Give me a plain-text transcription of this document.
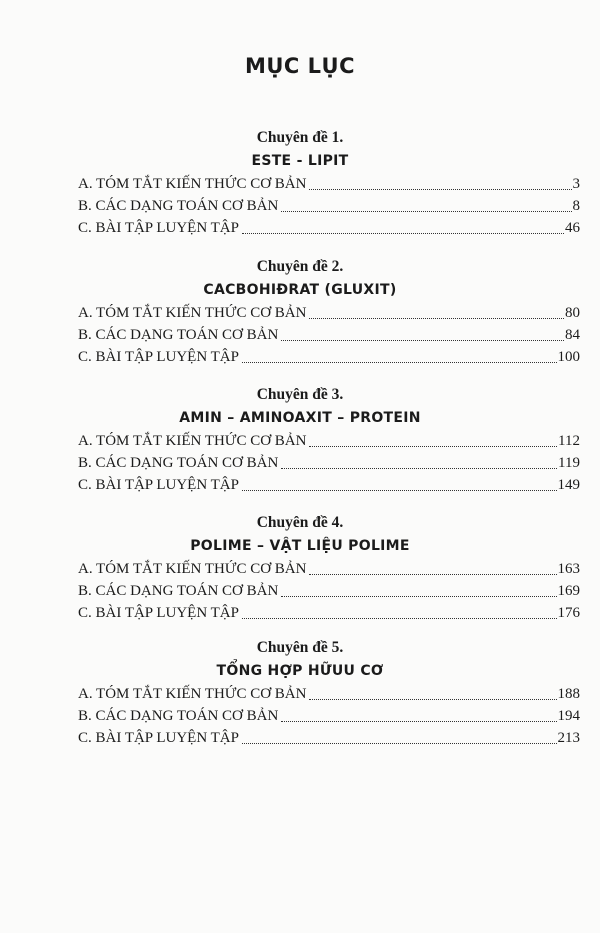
MỤC LỤC
Chuyên đề 1.
ESTE - LIPIT
A. TÓM TẮT KIẾN THỨC CƠ BẢN	3
B. CÁC DẠNG TOÁN CƠ BẢN	8
C. BÀI TẬP LUYỆN TẬP	46
Chuyên đề 2.
CACBOHIĐRAT (GLUXIT)
A. TÓM TẮT KIẾN THỨC CƠ BẢN	80
B. CÁC DẠNG TOÁN CƠ BẢN	84
C. BÀI TẬP LUYỆN TẬP	100
Chuyên đề 3.
AMIN – AMINOAXIT – PROTEIN
A. TÓM TẮT KIẾN THỨC CƠ BẢN	112
B. CÁC DẠNG TOÁN CƠ BẢN	119
C. BÀI TẬP LUYỆN TẬP	149
Chuyên đề 4.
POLIME – VẬT LIỆU POLIME
A. TÓM TẮT KIẾN THỨC CƠ BẢN	163
B. CÁC DẠNG TOÁN CƠ BẢN	169
C. BÀI TẬP LUYỆN TẬP	176
Chuyên đề 5.
TỔNG HỢP HỮUU CƠ
A. TÓM TẮT KIẾN THỨC CƠ BẢN	188
B. CÁC DẠNG TOÁN CƠ BẢN	194
C. BÀI TẬP LUYỆN TẬP	213
